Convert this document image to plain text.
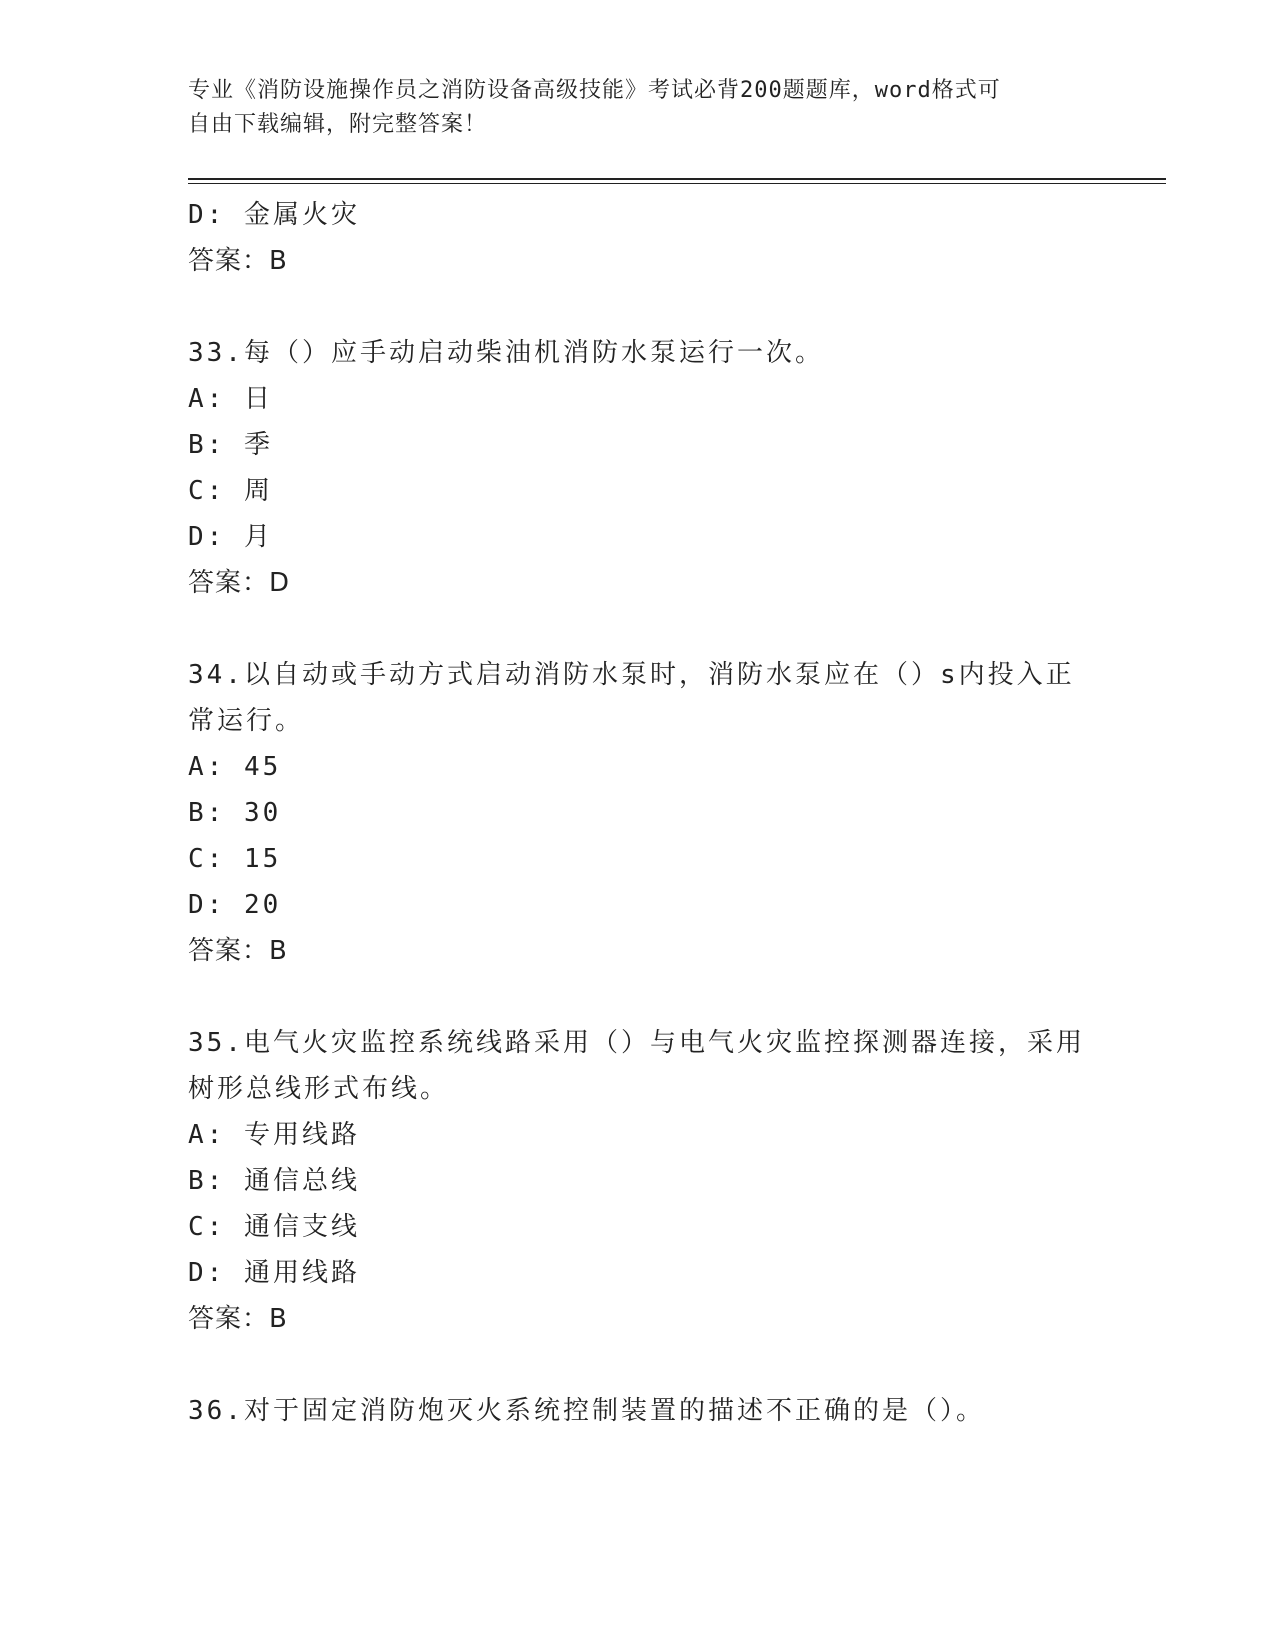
专业《消防设施操作员之消防设备高级技能》考试必背200题题库，word格式可
自由下载编辑，附完整答案！
D: 金属火灾
答案：B
33.每（）应手动启动柴油机消防水泵运行一次。
A: 日
B: 季
C: 周
D: 月
答案：D
34.以自动或手动方式启动消防水泵时，消防水泵应在（）s内投入正
常运行。
A: 45
B: 30
C: 15
D: 20
答案：B
35.电气火灾监控系统线路采用（）与电气火灾监控探测器连接，采用
树形总线形式布线。
A: 专用线路
B: 通信总线
C: 通信支线
D: 通用线路
答案：B
36.对于固定消防炮灭火系统控制装置的描述不正确的是（）。
